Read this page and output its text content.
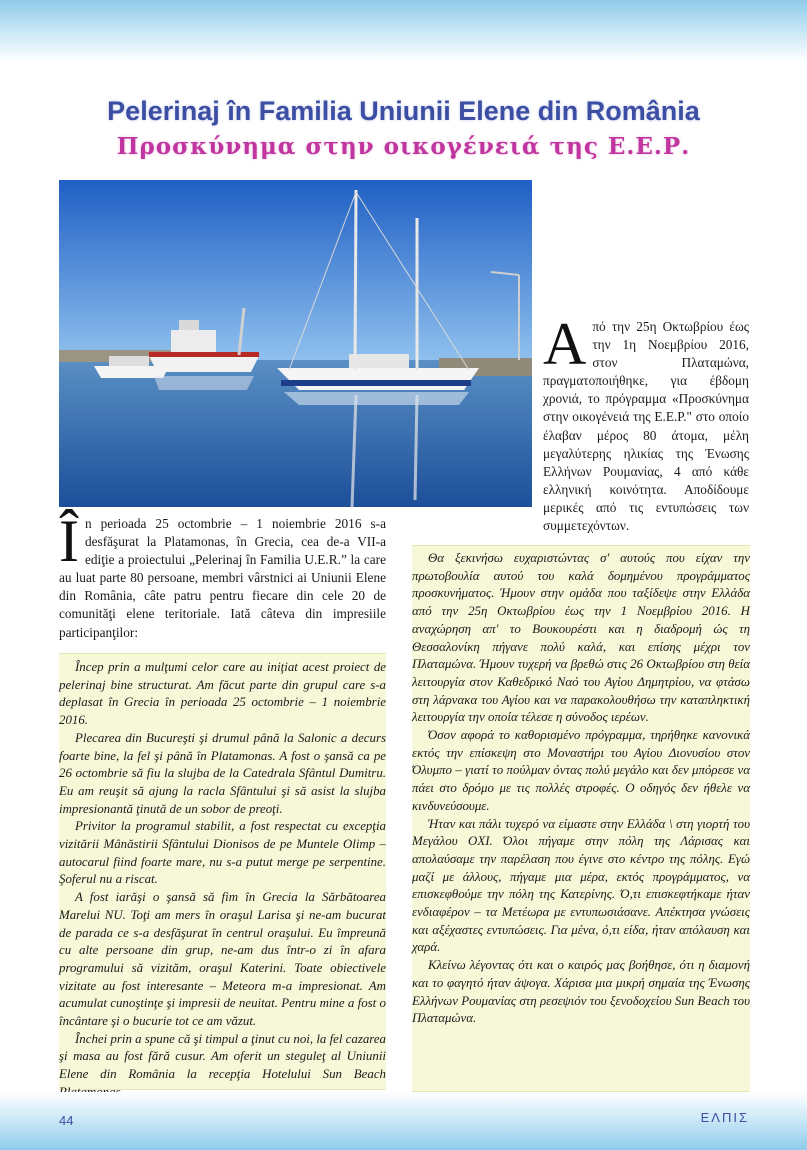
Pelerinaj în Familia Uniunii Elene din România
Προσκύνημα στην οικογένειά της Ε.Ε.Ρ.
Α πό την 25η Οκτωβρίου έως την 1η Νοεμβρίου 2016, στον Πλαταμώνα, πραγματοποιήθηκε, για έβδομη χρονιά, το πρόγραμμα «Προσκύνημα στην οικογένειά της Ε.Ε.Ρ." στο οποίο έλαβαν μέρος 80 άτομα, μέλη μεγαλύτερης ηλικίας της Ένωσης Ελλήνων Ρουμανίας, 4 από κάθε ελληνική κοινότητα. Αποδίδουμε μερικές από τις εντυπώσεις των συμμετεχόντων.
Î n perioada 25 octombrie – 1 noiembrie 2016 s-a desfăşurat la Platamonas, în Grecia, cea de-a VII-a ediţie a proiectului „Pelerinaj în Familia U.E.R.” la care au luat parte 80 persoane, membri vârstnici ai Uniunii Elene din România, câte patru pentru fiecare din cele 20 de comunităţi elene teritoriale. Iată câteva din impresiile participanţilor:

Încep prin a mulţumi celor care au iniţiat acest proiect de pelerinaj bine structurat. Am făcut parte din grupul care s-a deplasat în Grecia în perioada 25 octombrie – 1 noiembrie 2016.

Plecarea din Bucureşti şi drumul până la Salonic a decurs foarte bine, la fel şi până în Platamonas. A fost o şansă ca pe 26 octombrie să fiu la slujba de la Catedrala Sfântul Dumitru. Eu am reuşit să ajung la racla Sfântului şi să asist la slujba impresionantă ţinută de un sobor de preoţi.

Privitor la programul stabilit, a fost respectat cu excepţia vizitării Mânăstirii Sfântului Dionisos de pe Muntele Olimp – autocarul fiind foarte mare, nu s-a putut merge pe serpentine. Şoferul nu a riscat.

A fost iarăşi o şansă să fim în Grecia la Sărbătoarea Marelui NU. Toţi am mers în oraşul Larisa şi ne-am bucurat de parada ce s-a desfăşurat în centrul oraşului. Eu împreună cu alte persoane din grup, ne-am dus într-o zi în afara programului să vizităm, oraşul Katerini. Toate obiectivele vizitate au fost interesante – Meteora m-a impresionat. Am acumulat cunoştinţe şi impresii de neuitat. Pentru mine a fost o încântare şi o bucurie tot ce am văzut.

Închei prin a spune că şi timpul a ţinut cu noi, la fel cazarea şi masa au fost fără cusur. Am oferit un steguleţ al Uniunii Elene din România la recepţia Hotelului Sun Beach

Θα ξεκινήσω ευχαριστώντας σ' αυτούς που είχαν την πρωτοβουλία αυτού του καλά δομημένου προγράμματος προσκυνήματος. Ήμουν στην ομάδα που ταξίδεψε στην Ελλάδα από την 25η Οκτωβρίου έως την 1 Νοεμβρίου 2016. Η αναχώρηση απ' το Βουκουρέστι και η διαδρομή ώς τη Θεσσαλονίκη πήγανε πολύ καλά, και επίσης μέχρι τον Πλαταμώνα. Ήμουν τυχερή να βρεθώ στις 26 Οκτωβρίου στη θεία λειτουργία στον Καθεδρικό Ναό του Αγίου Δημητρίου, να φτάσω στη λάρνακα του Αγίου και να παρακολουθήσω την καταπληκτική λειτουργία την οποία τέλεσε η σύνοδος ιερέων.

Όσον αφορά το καθορισμένο πρόγραμμα, τηρήθηκε κανονικά εκτός την επίσκεψη στο Μοναστήρι του Αγίου Διονυσίου στον Όλυμπο – γιατί το πούλμαν όντας πολύ μεγάλο και δεν μπόρεσε να πάει στο δρόμο με τις πολλές στροφές. Ο οδηγός δεν ήθελε να κινδυνεύσουμε.

Ήταν και πάλι τυχερό να είμαστε στην Ελλάδα \ στη γιορτή του Μεγάλου ΟΧΙ. Όλοι πήγαμε στην πόλη της Λάρισας και απολαύσαμε την παρέλαση που έγινε στο κέντρο της πόλης. Εγώ μαζί με άλλους, πήγαμε μια μέρα, εκτός προγράμματος, να επισκεφθούμε την πόλη της Κατερίνης. Ό,τι επισκεφτήκαμε ήταν ενδιαφέρον – τα Μετέωρα με εντυπωσιάσανε. Απέκτησα γνώσεις και αξέχαστες εντυπώσεις. Για μένα, ό,τι είδα, ήταν απόλαυση και χαρά.

Κλείνω λέγοντας ότι και ο καιρός μας βοήθησε, ότι η διαμονή και το φαγητό ήταν άψογα. Χάρισα μια μικρή σημαία της Ένωσης Ελλήνων Ρουμανίας στη ρεσεψιόν του ξενοδοχείου Sun Beach του Πλαταμώνα.

44	ΕΛΠΙΣ
